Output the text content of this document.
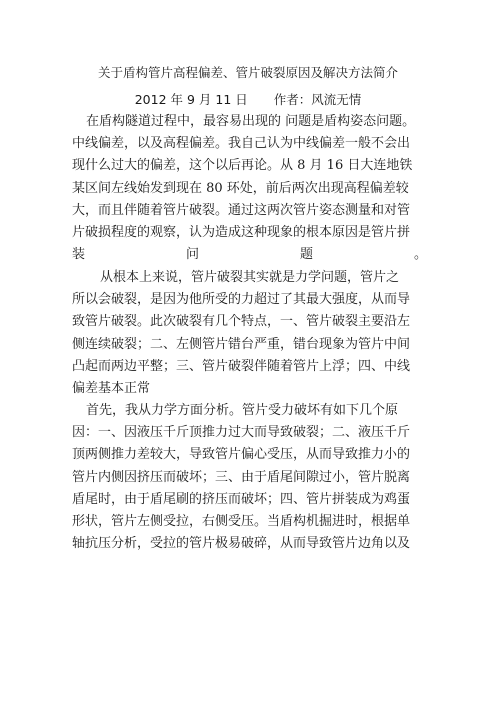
关于盾构管片高程偏差、管片破裂原因及解决方法简介
2012 年 9 月 11 日 作者：风流无情
在盾构隧道过程中，最容易出现的 问题是盾构姿态问题。
中线偏差，以及高程偏差。我自己认为中线偏差一般不会出
现什么过大的偏差，这个以后再论。从 8 月 16 日大连地铁
某区间左线始发到现在 80 环处，前后两次出现高程偏差较
大，而且伴随着管片破裂。通过这两次管片姿态测量和对管
片破损程度的观察，认为造成这种现象的根本原因是管片拼
装	问	题	。
从根本上来说，管片破裂其实就是力学问题，管片之
所以会破裂，是因为他所受的力超过了其最大强度，从而导
致管片破裂。此次破裂有几个特点，一、管片破裂主要沿左
侧连续破裂；二、左侧管片错台严重，错台现象为管片中间
凸起而两边平整；三、管片破裂伴随着管片上浮；四、中线
偏差基本正常
首先，我从力学方面分析。管片受力破坏有如下几个原
因：一、因液压千斤顶推力过大而导致破裂；二、液压千斤
顶两侧推力差较大，导致管片偏心受压，从而导致推力小的
管片内侧因挤压而破坏；三、由于盾尾间隙过小，管片脱离
盾尾时，由于盾尾刷的挤压而破坏；四、管片拼装成为鸡蛋
形状，管片左侧受拉，右侧受压。当盾构机掘进时，根据单
轴抗压分析，受拉的管片极易破碎，从而导致管片边角以及
